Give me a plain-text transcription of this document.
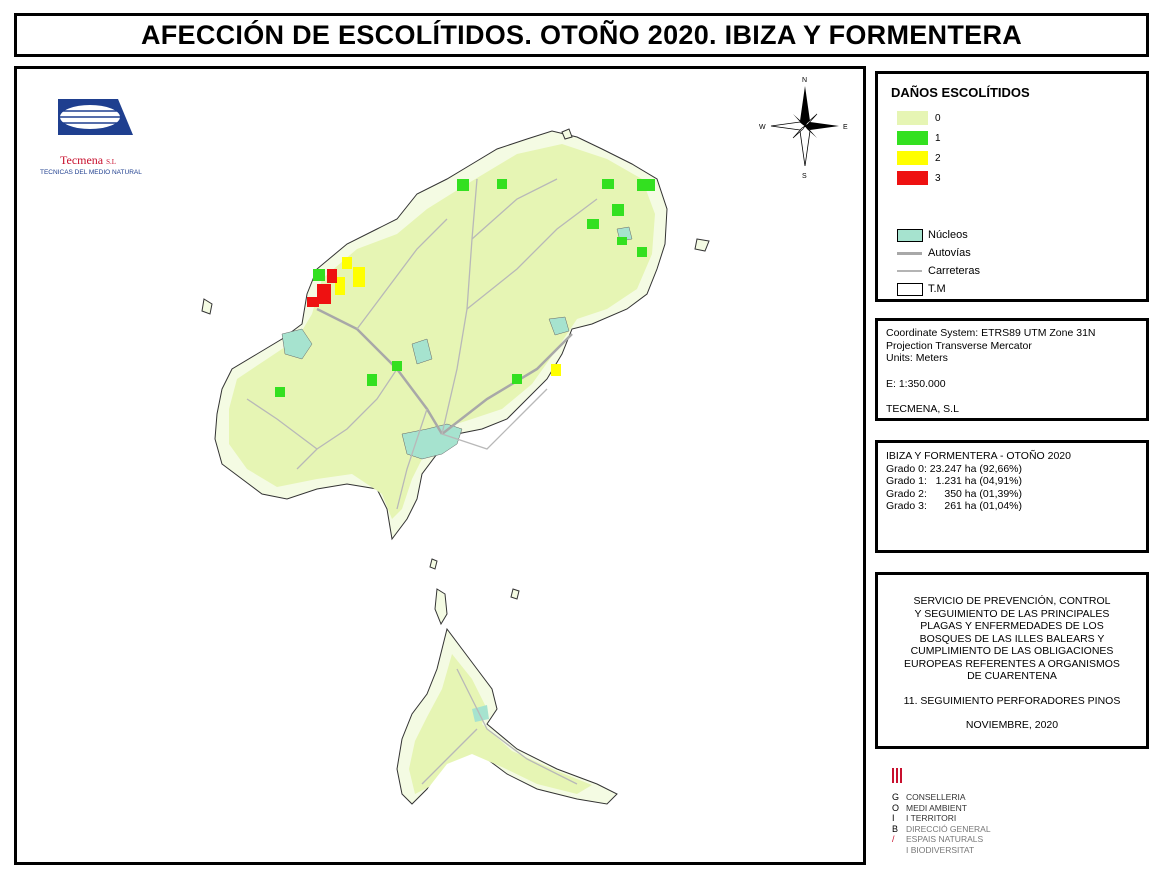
AFECCIÓN DE ESCOLÍTIDOS. OTOÑO 2020. IBIZA Y FORMENTERA
N
S
E
W
Tecmena S.L
TECNICAS DEL MEDIO NATURAL
DAÑOS ESCOLÍTIDOS
0
1
2
3
Núcleos
Autovías
Carreteras
T.M
Coordinate System: ETRS89 UTM Zone 31N
Projection Transverse Mercator
Units: Meters
E: 1:350.000
TECMENA, S.L
IBIZA Y FORMENTERA - OTOÑO 2020
Grado 0: 23.247 ha (92,66%)
Grado 1:   1.231 ha (04,91%)
Grado 2:      350 ha (01,39%)
Grado 3:      261 ha (01,04%)
SERVICIO DE PREVENCIÓN, CONTROL
Y SEGUIMIENTO DE LAS PRINCIPALES
PLAGAS Y ENFERMEDADES DE LOS
BOSQUES DE LAS ILLES BALEARS Y
CUMPLIMIENTO DE LAS OBLIGACIONES
EUROPEAS REFERENTES A ORGANISMOS
DE CUARENTENA
11. SEGUIMIENTO PERFORADORES PINOS
NOVIEMBRE, 2020
G
O
I
B
/
CONSELLERIA
MEDI AMBIENT
I TERRITORI
DIRECCIÓ GENERAL
ESPAIS NATURALS
I BIODIVERSITAT
